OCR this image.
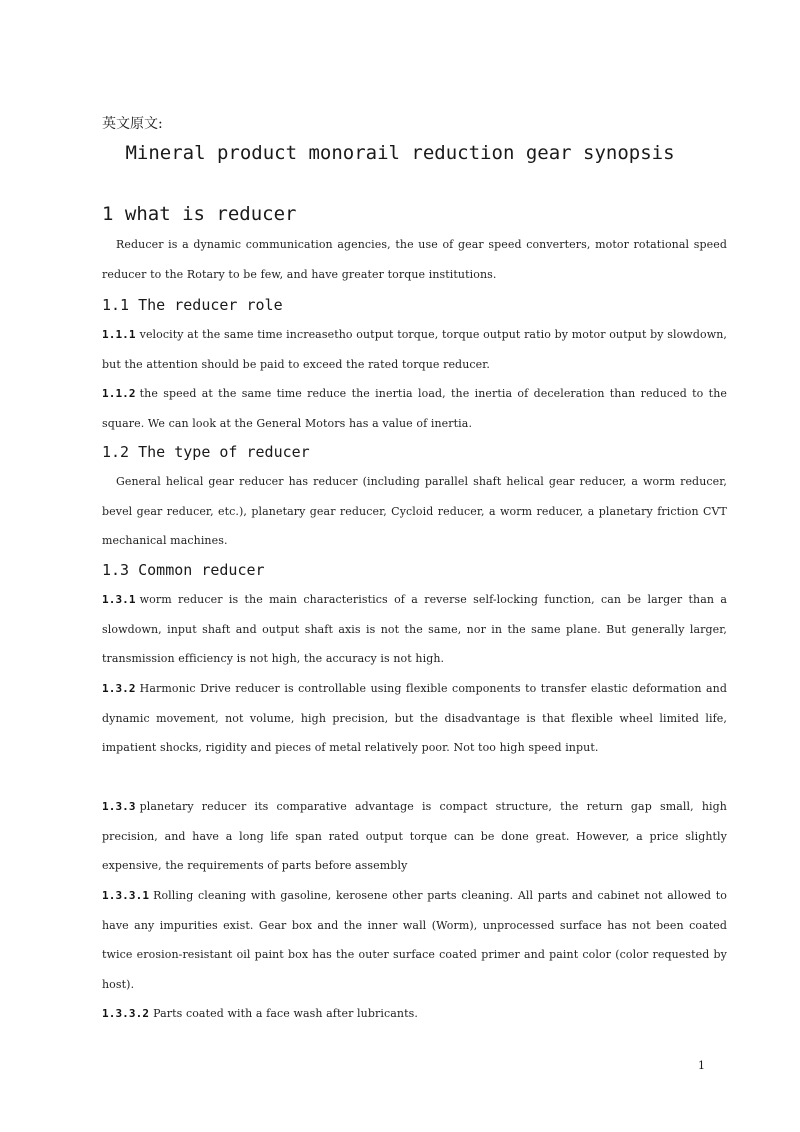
英文原文:
Mineral product monorail reduction gear synopsis
1 what is reducer
Reducer is a dynamic communication agencies, the use of gear speed converters, motor rotational speed reducer to the Rotary to be few, and have greater torque institutions.
1.1 The reducer role
1.1.1 velocity at the same time increasetho output torque, torque output ratio by motor output by slowdown, but the attention should be paid to exceed the rated torque reducer.
1.1.2 the speed at the same time reduce the inertia load, the inertia of deceleration than reduced to the square. We can look at the General Motors has a value of inertia.
1.2 The type of reducer
General helical gear reducer has reducer (including parallel shaft helical gear reducer, a worm reducer, bevel gear reducer, etc.), planetary gear reducer, Cycloid reducer, a worm reducer, a planetary friction CVT mechanical machines.
1.3 Common reducer
1.3.1 worm reducer is the main characteristics of a reverse self-locking function, can be larger than a slowdown, input shaft and output shaft axis is not the same, nor in the same plane. But generally larger, transmission efficiency is not high, the accuracy is not high.
1.3.2 Harmonic Drive reducer is controllable using flexible components to transfer elastic deformation and dynamic movement, not volume, high precision, but the disadvantage is that flexible wheel limited life, impatient shocks, rigidity and pieces of metal relatively poor. Not too high speed input.
1.3.3 planetary reducer its comparative advantage is compact structure, the return gap small, high precision, and have a long life span rated output torque can be done great. However, a price slightly expensive, the requirements of parts before assembly
1.3.3.1 Rolling cleaning with gasoline, kerosene other parts cleaning. All parts and cabinet not allowed to have any impurities exist. Gear box and the inner wall (Worm), unprocessed surface has not been coated twice erosion-resistant oil paint box has the outer surface coated primer and paint color (color requested by host).
1.3.3.2 Parts coated with a face wash after lubricants.
1
